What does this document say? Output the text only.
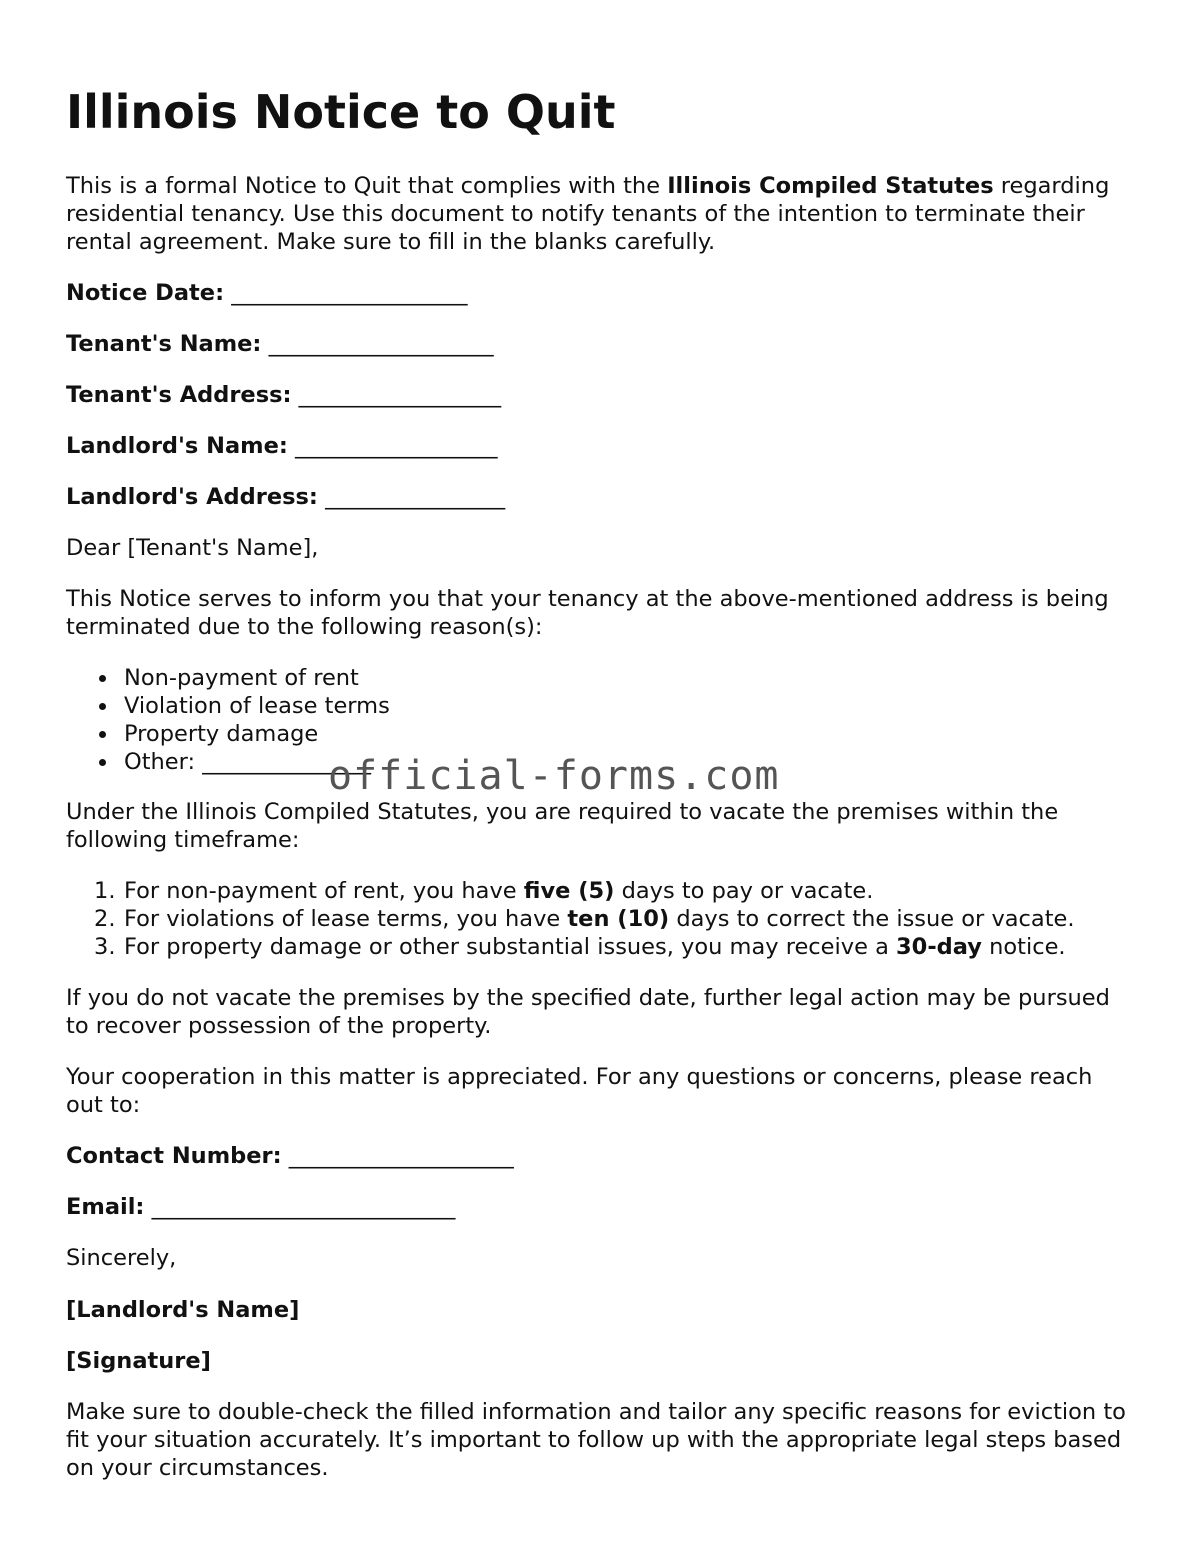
Illinois Notice to Quit

This is a formal Notice to Quit that complies with the Illinois Compiled Statutes regarding residential tenancy. Use this document to notify tenants of the intention to terminate their rental agreement. Make sure to fill in the blanks carefully.

Notice Date: _____________________

Tenant's Name: ____________________

Tenant's Address: __________________

Landlord's Name: __________________

Landlord's Address: ________________

Dear [Tenant's Name],

This Notice serves to inform you that your tenancy at the above-mentioned address is being terminated due to the following reason(s):

Non-payment of rent
Violation of lease terms
Property damage
Other: _______________

Under the Illinois Compiled Statutes, you are required to vacate the premises within the following timeframe:

1. For non-payment of rent, you have five (5) days to pay or vacate.
2. For violations of lease terms, you have ten (10) days to correct the issue or vacate.
3. For property damage or other substantial issues, you may receive a 30-day notice.

If you do not vacate the premises by the specified date, further legal action may be pursued to recover possession of the property.

Your cooperation in this matter is appreciated. For any questions or concerns, please reach out to:

Contact Number: ____________________

Email: ___________________________

Sincerely,

[Landlord's Name]

[Signature]

Make sure to double-check the filled information and tailor any specific reasons for eviction to fit your situation accurately. It’s important to follow up with the appropriate legal steps based on your circumstances.

official-forms.com
